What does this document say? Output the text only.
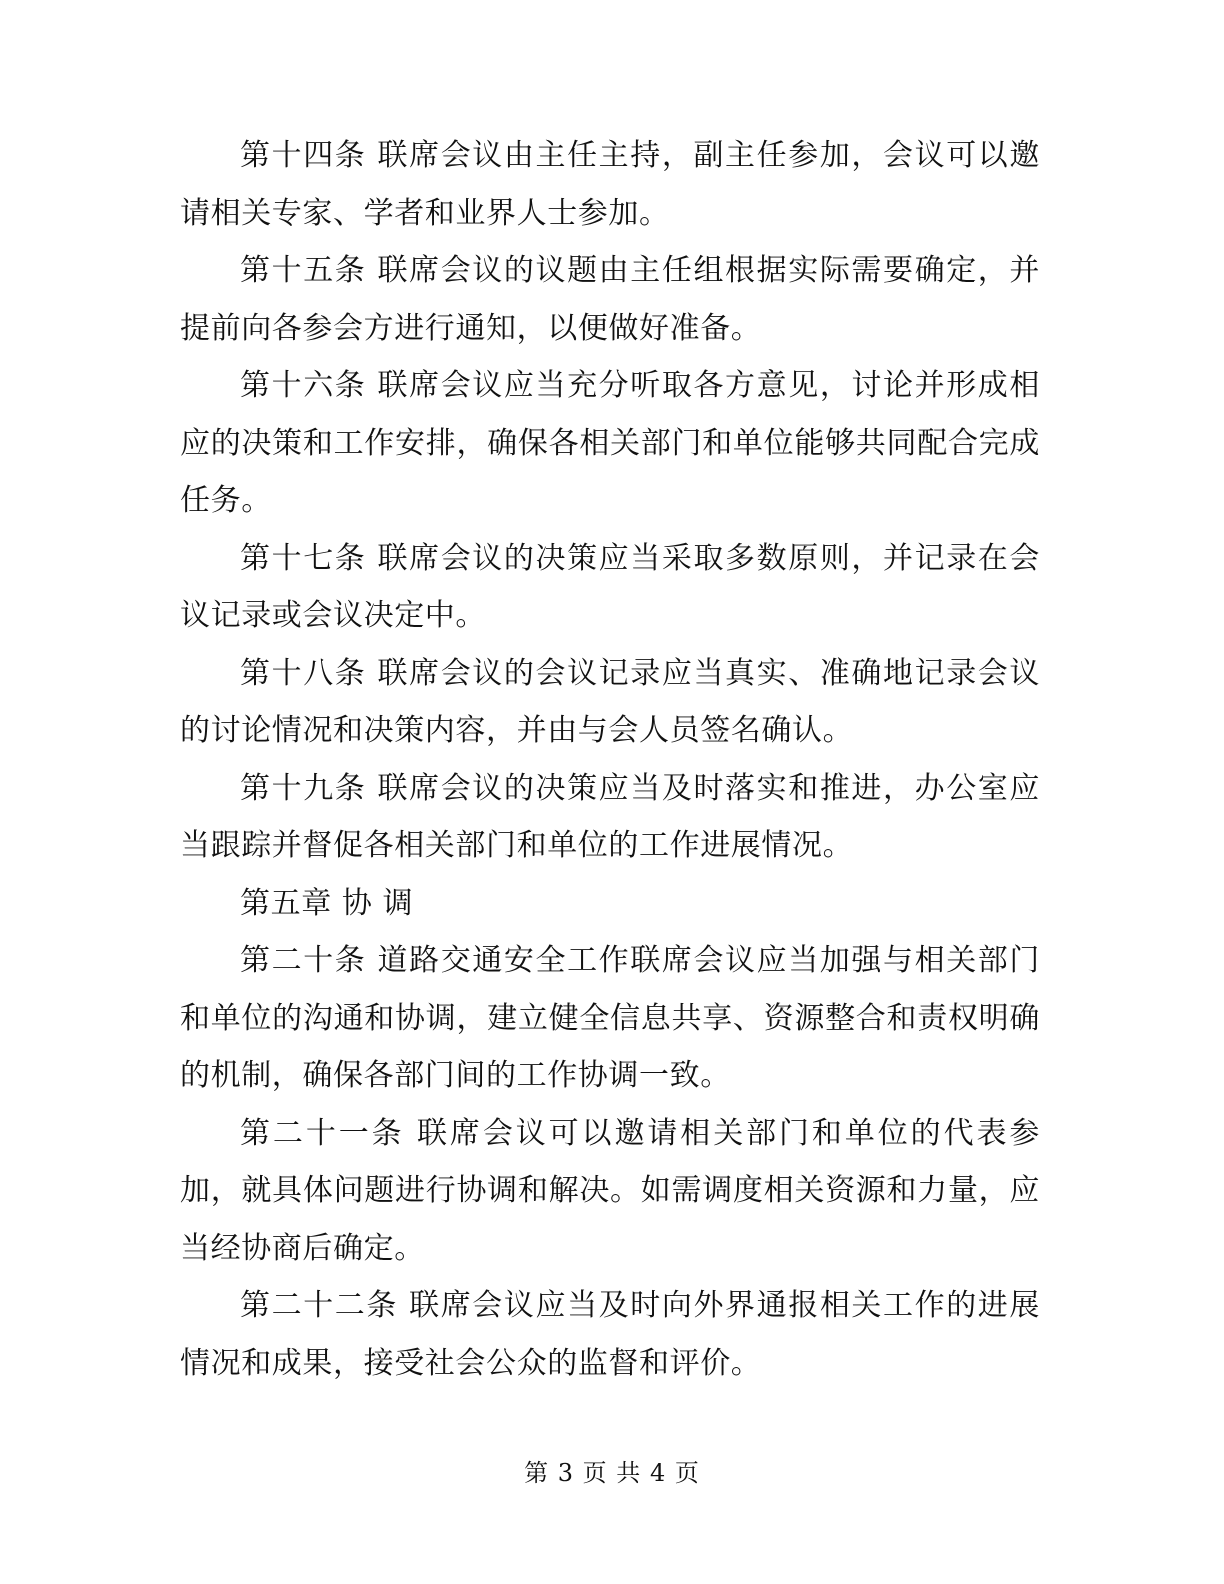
第十四条 联席会议由主任主持，副主任参加，会议可以邀请相关专家、学者和业界人士参加。

第十五条 联席会议的议题由主任组根据实际需要确定，并提前向各参会方进行通知，以便做好准备。

第十六条 联席会议应当充分听取各方意见，讨论并形成相应的决策和工作安排，确保各相关部门和单位能够共同配合完成任务。

第十七条 联席会议的决策应当采取多数原则，并记录在会议记录或会议决定中。

第十八条 联席会议的会议记录应当真实、准确地记录会议的讨论情况和决策内容，并由与会人员签名确认。

第十九条 联席会议的决策应当及时落实和推进，办公室应当跟踪并督促各相关部门和单位的工作进展情况。

第五章 协 调

第二十条 道路交通安全工作联席会议应当加强与相关部门和单位的沟通和协调，建立健全信息共享、资源整合和责权明确的机制，确保各部门间的工作协调一致。

第二十一条 联席会议可以邀请相关部门和单位的代表参加，就具体问题进行协调和解决。如需调度相关资源和力量，应当经协商后确定。

第二十二条 联席会议应当及时向外界通报相关工作的进展情况和成果，接受社会公众的监督和评价。

第 3 页 共 4 页
